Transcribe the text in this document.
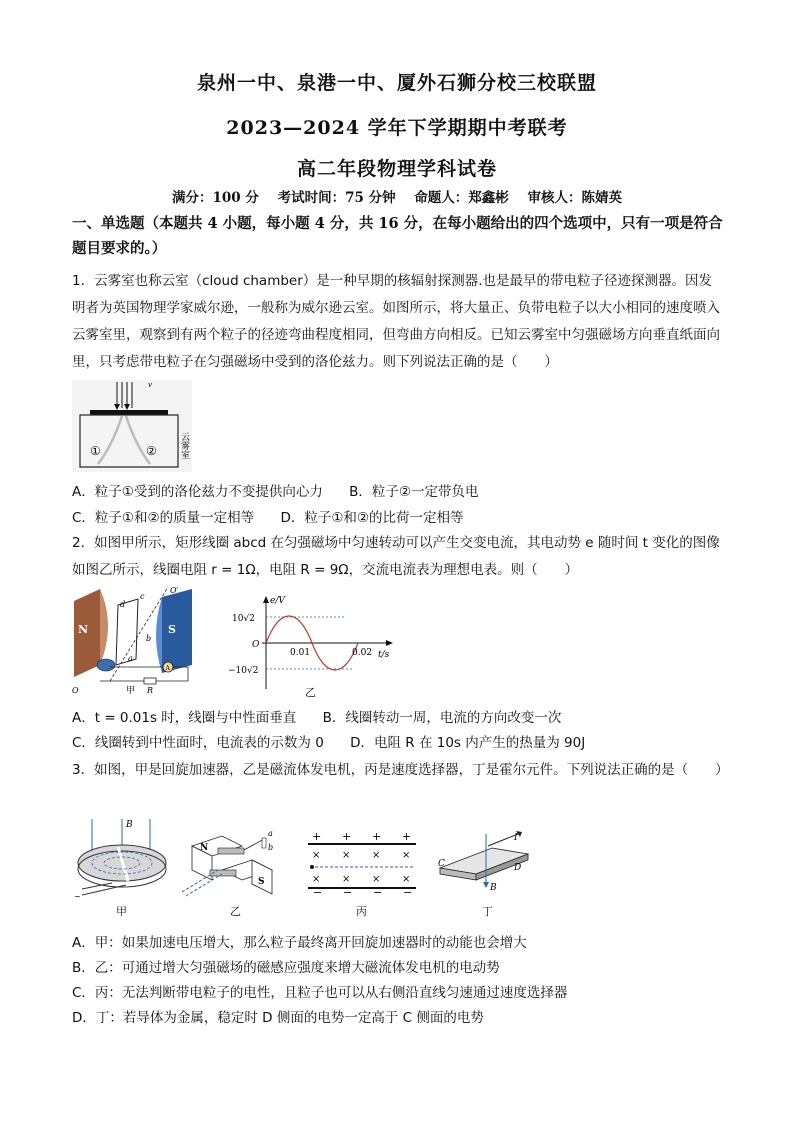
泉州一中、泉港一中、厦外石狮分校三校联盟
2023—2024 学年下学期期中考联考
高二年段物理学科试卷
满分：100 分 考试时间：75 分钟 命题人：郑鑫彬 审核人：陈婧英
一、单选题（本题共 4 小题，每小题 4 分，共 16 分，在每小题给出的四个选项中，只有一项是符合题目要求的。）
1．云雾室也称云室（cloud chamber）是一种早期的核辐射探测器.也是最早的带电粒子径迹探测器。因发明者为英国物理学家威尔逊，一般称为威尔逊云室。如图所示，将大量正、负带电粒子以大小相同的速度喷入云雾室里，观察到有两个粒子的径迹弯曲程度相同，但弯曲方向相反。已知云雾室中匀强磁场方向垂直纸面向里，只考虑带电粒子在匀强磁场中受到的洛伦兹力。则下列说法正确的是（　　）
v
①	② 云雾室
A．粒子①受到的洛伦兹力不变提供向心力 B．粒子②一定带负电
C．粒子①和②的质量一定相等 D．粒子①和②的比荷一定相等
2．如图甲所示，矩形线圈 abcd 在匀强磁场中匀速转动可以产生交变电流，其电动势 e 随时间 t 变化的图像如图乙所示，线圈电阻 r = 1Ω，电阻 R = 9Ω，交流电流表为理想电表。则（　　）
N	S
d
c
b
a
O′
A
R
O	甲
e/V
t/s
O
10√2
−10√2
0.01	0.02
乙
A．t = 0.01s 时，线圈与中性面垂直 B．线圈转动一周，电流的方向改变一次
C．线圈转到中性面时，电流表的示数为 0 D．电阻 R 在 10s 内产生的热量为 90J
3．如图，甲是回旋加速器，乙是磁流体发电机，丙是速度选择器，丁是霍尔元件。下列说法正确的是（　　）
B
~
甲
N
S
a
b
乙
+ + + +
− − − −
× × × ×
× × × ×
丙
I
C	D
B
丁
A．甲：如果加速电压增大，那么粒子最终离开回旋加速器时的动能也会增大
B．乙：可通过增大匀强磁场的磁感应强度来增大磁流体发电机的电动势
C．丙：无法判断带电粒子的电性，且粒子也可以从右侧沿直线匀速通过速度选择器
D．丁：若导体为金属，稳定时 D 侧面的电势一定高于 C 侧面的电势
